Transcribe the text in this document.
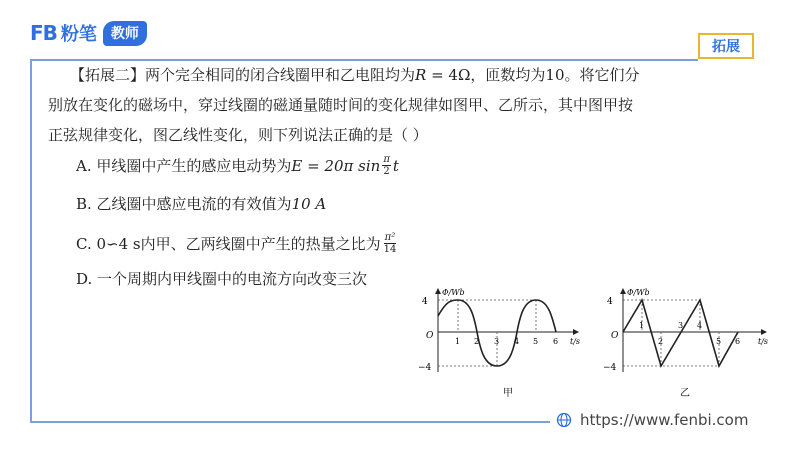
FB 粉笔	教师
拓展
【拓展二】两个完全相同的闭合线圈甲和乙电阻均为R = 4Ω，匝数均为10。将它们分
别放在变化的磁场中，穿过线圈的磁通量随时间的变化规律如图甲、乙所示，其中图甲按
正弦规律变化，图乙线性变化，则下列说法正确的是（ ）
A. 甲线圈中产生的感应电动势为 E = 20π $\sin \frac{\pi}{2}$ t
B. 乙线圈中感应电流的有效值为 10 A
C. 0∽4 s内甲、乙两线圈中产生的热量之比为 $\frac{\text{π²}}{14}$
D. 一个周期内甲线圈中的电流方向改变三次
4
−4
O
Φ/Wb
t/s
1 2 3 4 5 6
甲
4
−4
O
Φ/Wb
t/s
1
2
3 4
5 6
乙
https://www.fenbi.com
